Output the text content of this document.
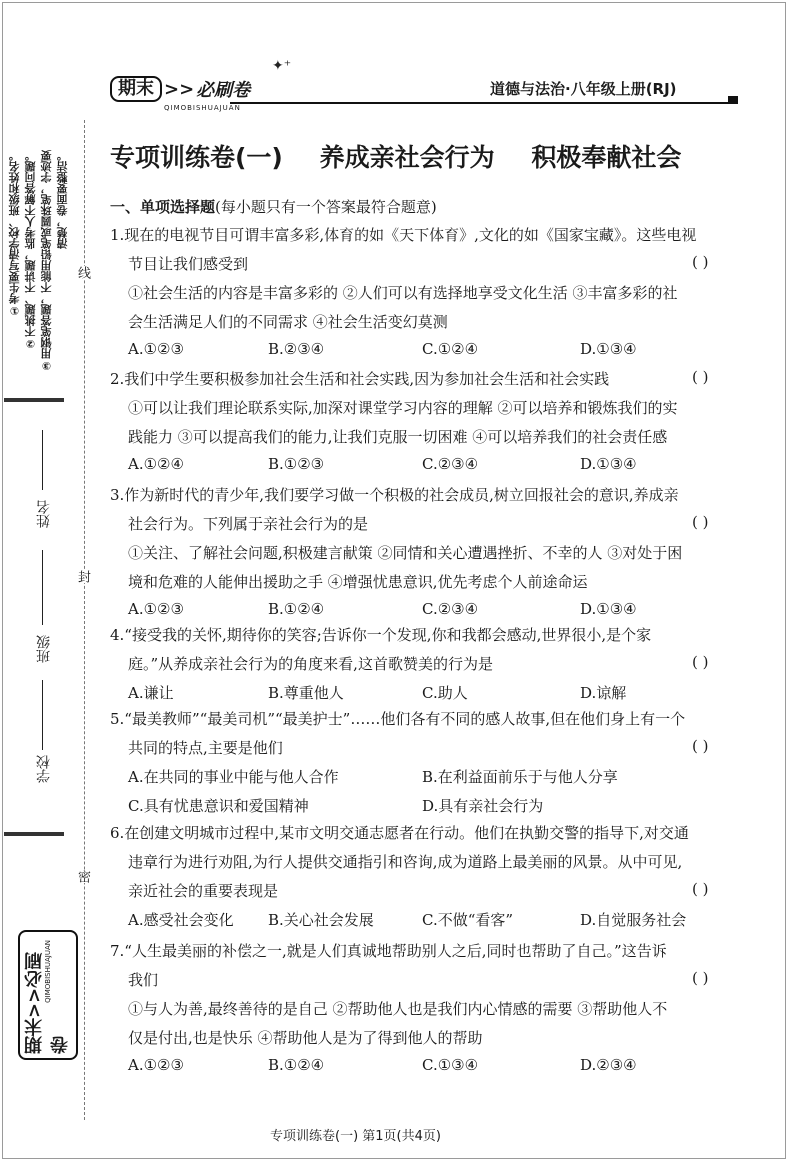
①考生要写清学校、班级和姓名。 ②不挑题、不讲题，监考人不解答问题。 ③用钢笔答题，不能用铅笔或圆珠笔，字迹要 清楚，卷面要整洁。
姓名
班级
学校
期末>>必刷卷
QIMOBISHUAJUAN
线
封
密
期末 >> 必刷卷
QIMOBISHUAJUAN
✦⁺
道德与法治·八年级上册(RJ)
专项训练卷(一) 养成亲社会行为 积极奉献社会
一、单项选择题(每小题只有一个答案最符合题意)
1.现在的电视节目可谓丰富多彩,体育的如《天下体育》,文化的如《国家宝藏》。这些电视
节目让我们感受到	( )
①社会生活的内容是丰富多彩的 ②人们可以有选择地享受文化生活 ③丰富多彩的社
会生活满足人们的不同需求 ④社会生活变幻莫测
A.①②③	B.②③④	C.①②④	D.①③④
2.我们中学生要积极参加社会生活和社会实践,因为参加社会生活和社会实践	( )
①可以让我们理论联系实际,加深对课堂学习内容的理解 ②可以培养和锻炼我们的实
践能力 ③可以提高我们的能力,让我们克服一切困难 ④可以培养我们的社会责任感
A.①②④	B.①②③	C.②③④	D.①③④
3.作为新时代的青少年,我们要学习做一个积极的社会成员,树立回报社会的意识,养成亲
社会行为。下列属于亲社会行为的是	( )
①关注、了解社会问题,积极建言献策 ②同情和关心遭遇挫折、不幸的人 ③对处于困
境和危难的人能伸出援助之手 ④增强忧患意识,优先考虑个人前途命运
A.①②③	B.①②④	C.②③④	D.①③④
4.“接受我的关怀,期待你的笑容;告诉你一个发现,你和我都会感动,世界很小,是个家
庭。”从养成亲社会行为的角度来看,这首歌赞美的行为是	( )
A.谦让	B.尊重他人	C.助人	D.谅解
5.“最美教师”“最美司机”“最美护士”……他们各有不同的感人故事,但在他们身上有一个
共同的特点,主要是他们	( )
A.在共同的事业中能与他人合作	B.在利益面前乐于与他人分享
C.具有忧患意识和爱国精神	D.具有亲社会行为
6.在创建文明城市过程中,某市文明交通志愿者在行动。他们在执勤交警的指导下,对交通
违章行为进行劝阻,为行人提供交通指引和咨询,成为道路上最美丽的风景。从中可见,
亲近社会的重要表现是	( )
A.感受社会变化 B.关心社会发展	C.不做“看客”	D.自觉服务社会
7.“人生最美丽的补偿之一,就是人们真诚地帮助别人之后,同时也帮助了自己。”这告诉
我们	( )
①与人为善,最终善待的是自己 ②帮助他人也是我们内心情感的需要 ③帮助他人不
仅是付出,也是快乐 ④帮助他人是为了得到他人的帮助
A.①②③	B.①②④	C.①③④	D.②③④
专项训练卷(一) 第1页(共4页)
